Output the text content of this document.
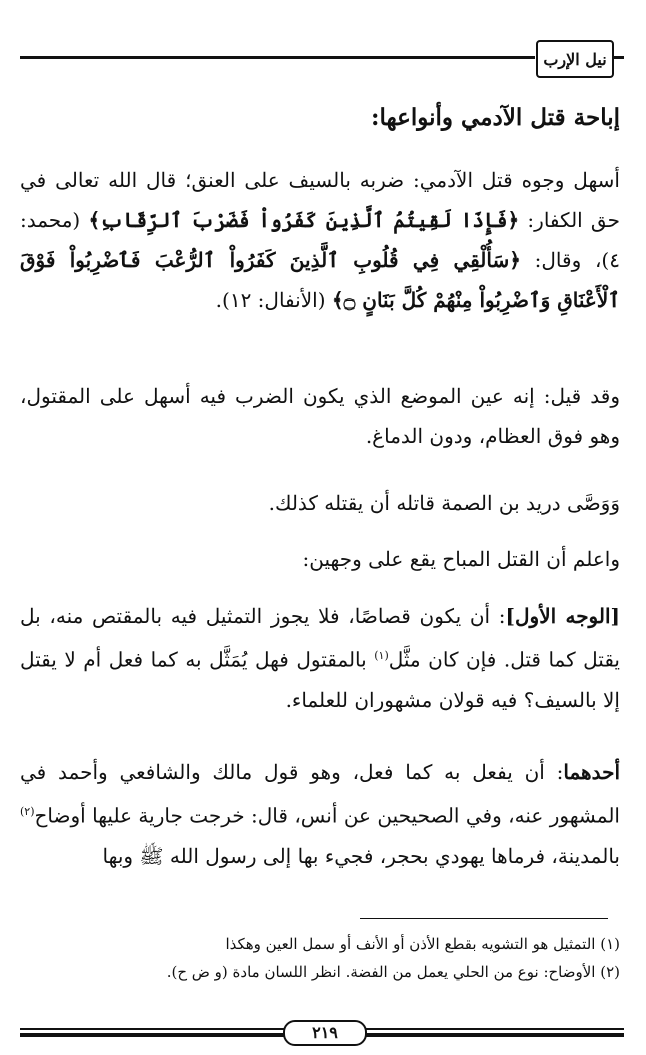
نيل الإرب
إباحة قتل الآدمي وأنواعها:
أسهل وجوه قتل الآدمي: ضربه بالسيف على العنق؛ قال الله تعالى في حق الكفار: ﴿فَإِذَا لَقِيتُمُ ٱلَّذِينَ كَفَرُواْ فَضَرْبَ ٱلرِّقَابِ﴾ (محمد: ٤)، وقال: ﴿سَأُلْقِي فِي قُلُوبِ ٱلَّذِينَ كَفَرُواْ ٱلرُّعْبَ فَٱضْرِبُواْ فَوْقَ ٱلْأَعْنَاقِ وَٱضْرِبُواْ مِنْهُمْ كُلَّ بَنَانٍ ۝﴾ (الأنفال: ١٢).
وقد قيل: إنه عين الموضع الذي يكون الضرب فيه أسهل على المقتول، وهو فوق العظام، ودون الدماغ.
وَوَصَّى دريد بن الصمة قاتله أن يقتله كذلك.
واعلم أن القتل المباح يقع على وجهين:
[الوجه الأول]: أن يكون قصاصًا، فلا يجوز التمثيل فيه بالمقتص منه، بل يقتل كما قتل. فإن كان مثَّل$^{(١)}$ بالمقتول فهل يُمَثَّل به كما فعل أم لا يقتل إلا بالسيف؟ فيه قولان مشهوران للعلماء.
أحدهما: أن يفعل به كما فعل، وهو قول مالك والشافعي وأحمد في المشهور عنه، وفي الصحيحين عن أنس، قال: خرجت جارية عليها أوضاح$^{(٢)}$ بالمدينة، فرماها يهودي بحجر، فجيء بها إلى رسول الله ﷺ وبها
(١) التمثيل هو التشويه بقطع الأذن أو الأنف أو سمل العين وهكذا
(٢) الأوضاح: نوع من الحلي يعمل من الفضة. انظر اللسان مادة (و ض ح).
٢١٩
